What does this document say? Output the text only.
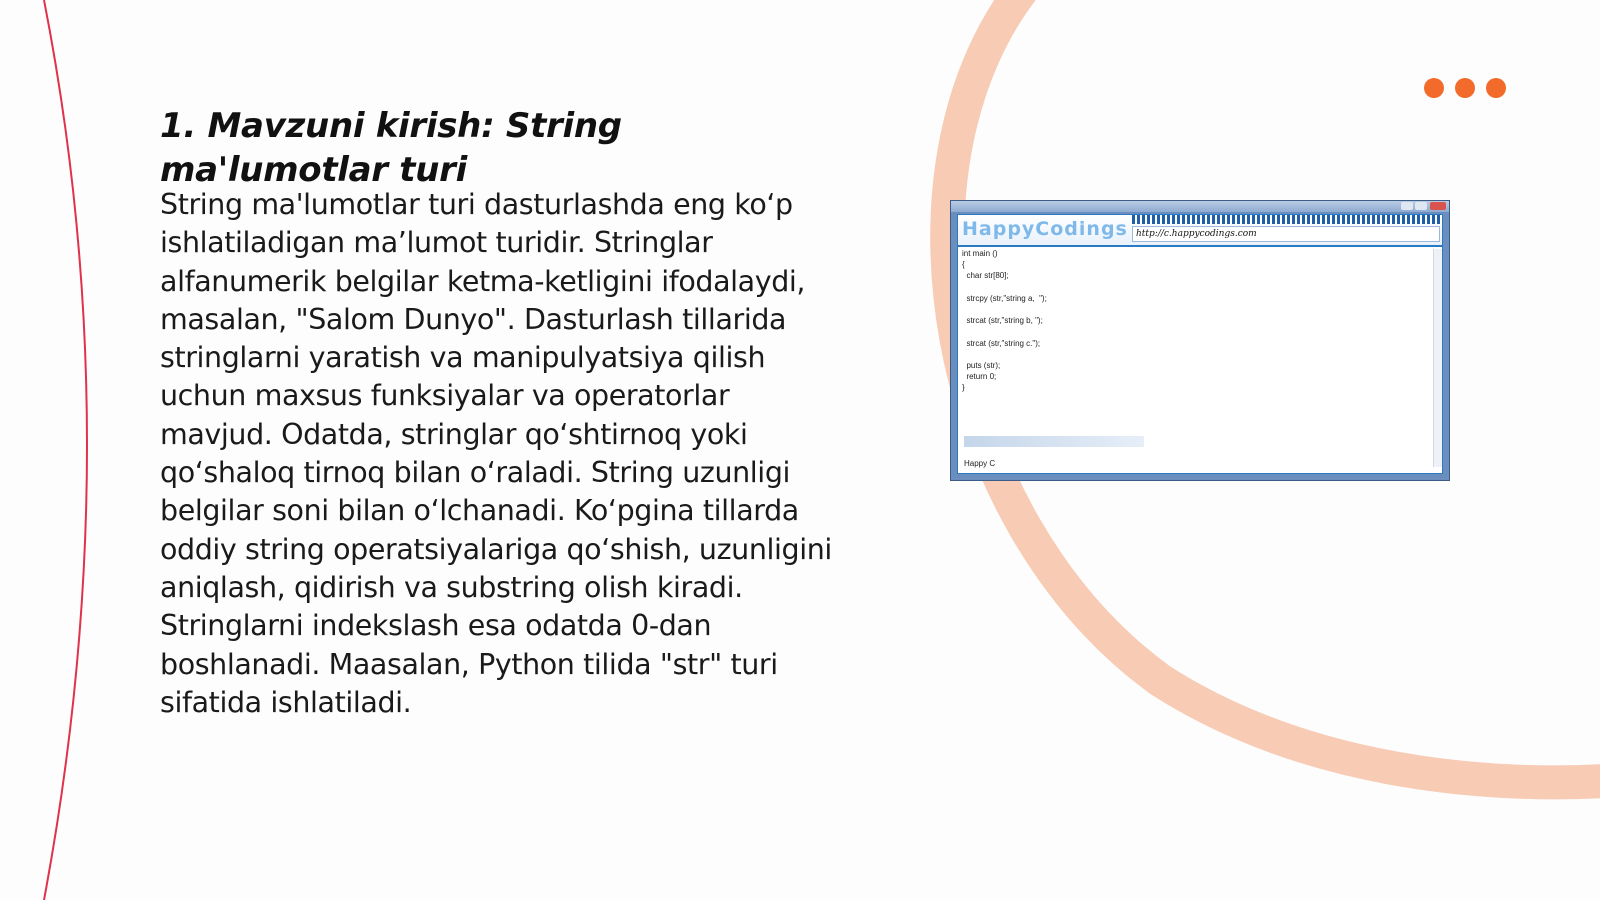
1. Mavzuni kirish: String ma'lumotlar turi

String ma'lumotlar turi dasturlashda eng ko‘p ishlatiladigan ma’lumot turidir. Stringlar alfanumerik belgilar ketma-ketligini ifodalaydi, masalan, "Salom Dunyo". Dasturlash tillarida stringlarni yaratish va manipulyatsiya qilish uchun maxsus funksiyalar va operatorlar mavjud. Odatda, stringlar qo‘shtirnoq yoki qo‘shaloq tirnoq bilan o‘raladi. String uzunligi belgilar soni bilan o‘lchanadi. Ko‘pgina tillarda oddiy string operatsiyalariga qo‘shish, uzunligini aniqlash, qidirish va substring olish kiradi. Stringlarni indekslash esa odatda 0-dan boshlanadi. Maasalan, Python tilida "str" turi sifatida ishlatiladi.

HappyCodings http://c.happycodings.com
int main ()
{
char str[80];
strcpy (str,"string a,  ");
strcat (str,"string b, ");
strcat (str,"string c.");
puts (str);
return 0;
}
Happy C
